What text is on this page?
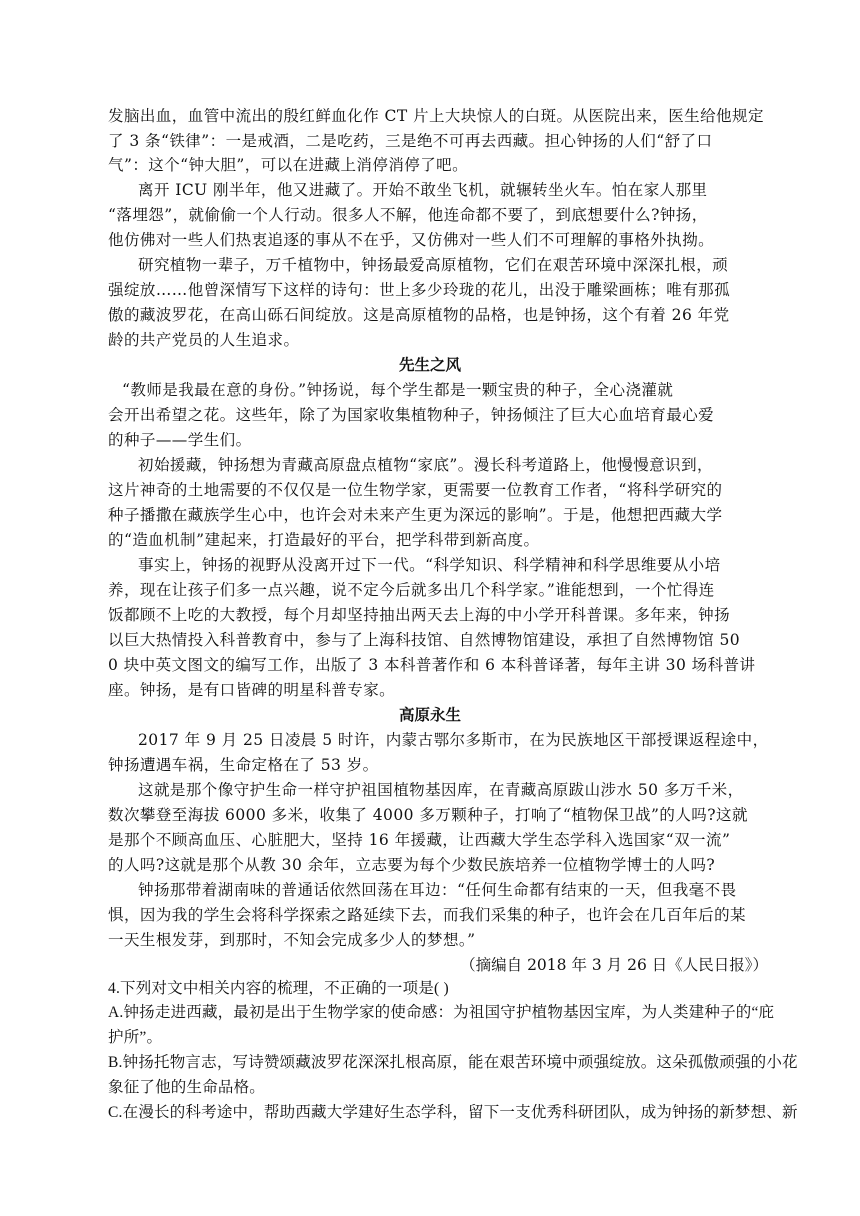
发脑出血，血管中流出的殷红鲜血化作 CT 片上大块惊人的白斑。从医院出来，医生给他规定
了 3 条“铁律”：一是戒酒，二是吃药，三是绝不可再去西藏。担心钟扬的人们“舒了口
气”：这个“钟大胆”，可以在进藏上消停消停了吧。
离开 ICU 刚半年，他又进藏了。开始不敢坐飞机，就辗转坐火车。怕在家人那里
“落埋怨”，就偷偷一个人行动。很多人不解，他连命都不要了，到底想要什么?钟扬，
他仿佛对一些人们热衷追逐的事从不在乎，又仿佛对一些人们不可理解的事格外执拗。
研究植物一辈子，万千植物中，钟扬最爱高原植物，它们在艰苦环境中深深扎根，顽
强绽放……他曾深情写下这样的诗句：世上多少玲珑的花儿，出没于雕梁画栋；唯有那孤
傲的藏波罗花，在高山砾石间绽放。这是高原植物的品格，也是钟扬，这个有着 26 年党
龄的共产党员的人生追求。
先生之风
“教师是我最在意的身份。”钟扬说，每个学生都是一颗宝贵的种子，全心浇灌就
会开出希望之花。这些年，除了为国家收集植物种子，钟扬倾注了巨大心血培育最心爱
的种子——学生们。
初始援藏，钟扬想为青藏高原盘点植物“家底”。漫长科考道路上，他慢慢意识到，
这片神奇的土地需要的不仅仅是一位生物学家，更需要一位教育工作者，“将科学研究的
种子播撒在藏族学生心中，也许会对未来产生更为深远的影响”。于是，他想把西藏大学
的“造血机制”建起来，打造最好的平台，把学科带到新高度。
事实上，钟扬的视野从没离开过下一代。“科学知识、科学精神和科学思维要从小培
养，现在让孩子们多一点兴趣，说不定今后就多出几个科学家。”谁能想到，一个忙得连
饭都顾不上吃的大教授，每个月却坚持抽出两天去上海的中小学开科普课。多年来，钟扬
以巨大热情投入科普教育中，参与了上海科技馆、自然博物馆建设，承担了自然博物馆 50
0 块中英文图文的编写工作，出版了 3 本科普著作和 6 本科普译著，每年主讲 30 场科普讲
座。钟扬，是有口皆碑的明星科普专家。
高原永生
2017 年 9 月 25 日凌晨 5 时许，内蒙古鄂尔多斯市，在为民族地区干部授课返程途中，
钟扬遭遇车祸，生命定格在了 53 岁。
这就是那个像守护生命一样守护祖国植物基因库，在青藏高原跋山涉水 50 多万千米，
数次攀登至海拔 6000 多米，收集了 4000 多万颗种子，打响了“植物保卫战”的人吗?这就
是那个不顾高血压、心脏肥大，坚持 16 年援藏，让西藏大学生态学科入选国家“双一流”
的人吗?这就是那个从教 30 余年，立志要为每个少数民族培养一位植物学博士的人吗?
钟扬那带着湖南味的普通话依然回荡在耳边：“任何生命都有结束的一天，但我毫不畏
惧，因为我的学生会将科学探索之路延续下去，而我们采集的种子，也许会在几百年后的某
一天生根发芽，到那时，不知会完成多少人的梦想。”
（摘编自 2018 年 3 月 26 日《人民日报》）
4.下列对文中相关内容的梳理，不正确的一项是( )
A.钟扬走进西藏，最初是出于生物学家的使命感：为祖国守护植物基因宝库，为人类建种子的“庇
护所”。
B.钟扬托物言志，写诗赞颂藏波罗花深深扎根高原，能在艰苦环境中顽强绽放。这朵孤傲顽强的小花
象征了他的生命品格。
C.在漫长的科考途中，帮助西藏大学建好生态学科，留下一支优秀科研团队，成为钟扬的新梦想、新
